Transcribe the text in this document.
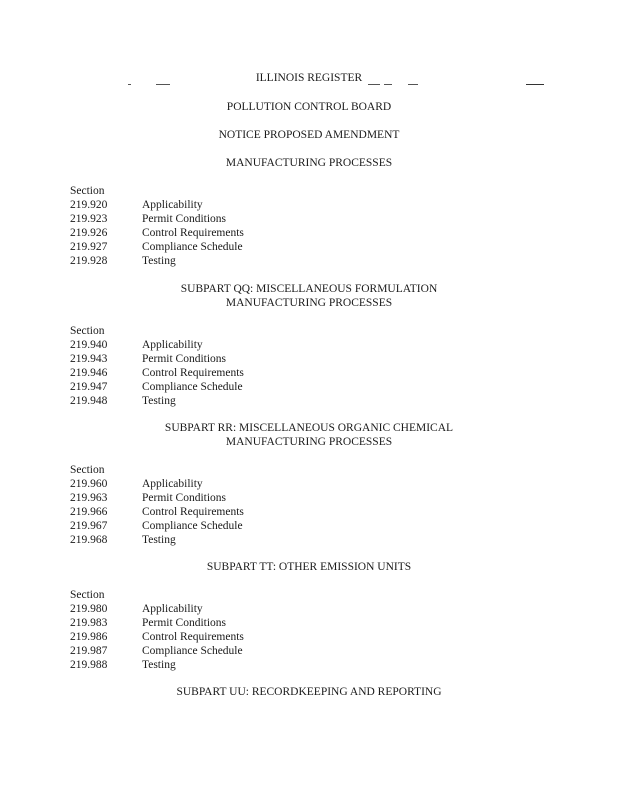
ILLINOIS REGISTER
POLLUTION CONTROL BOARD
NOTICE PROPOSED AMENDMENT
MANUFACTURING PROCESSES
Section
219.920	Applicability
219.923	Permit Conditions
219.926	Control Requirements
219.927	Compliance Schedule
219.928	Testing
SUBPART QQ: MISCELLANEOUS FORMULATION
MANUFACTURING PROCESSES
Section
219.940	Applicability
219.943	Permit Conditions
219.946	Control Requirements
219.947	Compliance Schedule
219.948	Testing
SUBPART RR: MISCELLANEOUS ORGANIC CHEMICAL
MANUFACTURING PROCESSES
Section
219.960	Applicability
219.963	Permit Conditions
219.966	Control Requirements
219.967	Compliance Schedule
219.968	Testing
SUBPART TT: OTHER EMISSION UNITS
Section
219.980	Applicability
219.983	Permit Conditions
219.986	Control Requirements
219.987	Compliance Schedule
219.988	Testing
SUBPART UU: RECORDKEEPING AND REPORTING
